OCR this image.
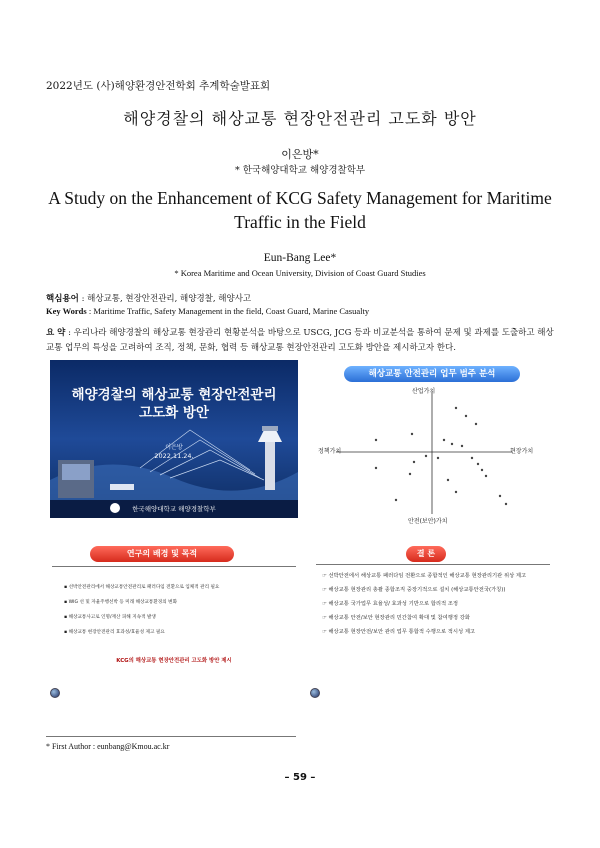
2022년도 (사)해양환경안전학회 추계학술발표회
해양경찰의 해상교통 현장안전관리 고도화 방안
이은방*
* 한국해양대학교 해양경찰학부
A Study on the Enhancement of KCG Safety Management for Maritime
Traffic in the Field
Eun-Bang Lee*
* Korea Maritime and Ocean University, Division of Coast Guard Studies
핵심용어 : 해상교통, 현장안전관리, 해양경찰, 해양사고
Key Words : Maritime Traffic, Safety Management in the field, Coast Guard, Marine Casualty
요 약 : 우리나라 해양경찰의 해상교통 현장관리 현황분석을 바탕으로 USCG, JCG 등과 비교분석을 통하여 문제 및 과제를 도출하고 해상교통 업무의 특성을 고려하여 조직, 정책, 문화, 협력 등 해상교통 현장안전관리 고도화 방안을 제시하고자 한다.
해양경찰의 해상교통 현장안전관리
고도화 방안
이은방
2022.11.24.
한국해양대학교 해양경찰학부
해상교통 안전관리 업무 범주 분석
산업가치
안전(보안)가치
정책가치	현장가치
연구의 배경 및 목적
▪ 선박안전관리에서 해상교통안전관리로 패러다임 전환으로 입체적 관리 필요
▪ WIG 선 및 자율주행선박 등 미래 해상교통환경의 변화
▪ 해상교통사고로 인명/재산 피해 지속적 발생
▪ 해상교통 현장안전관리 효과성/효율성 제고 필요
KCG의 해상교통 현장안전관리 고도화 방안 제시
결 론
☞ 선박안전에서 해상교통 패러다임 전환으로 종합적인 해상교통 현장관리기관 위상 제고
☞ 해상교통 현장관리 총괄 종합조직 중장기적으로 설치 (해상교통안전국(가칭))
☞ 해상교통 국가업무 효율성/ 효과성 기반으로 합리적 조정
☞ 해상교통 안전/보안 현장관리 민간참여 확대 및 참여행정 강화
☞ 해상교통 현장안전/보안 관리 업무 통합적 수행으로 적시성 제고
* First Author : eunbang@Kmou.ac.kr
– 59 –
